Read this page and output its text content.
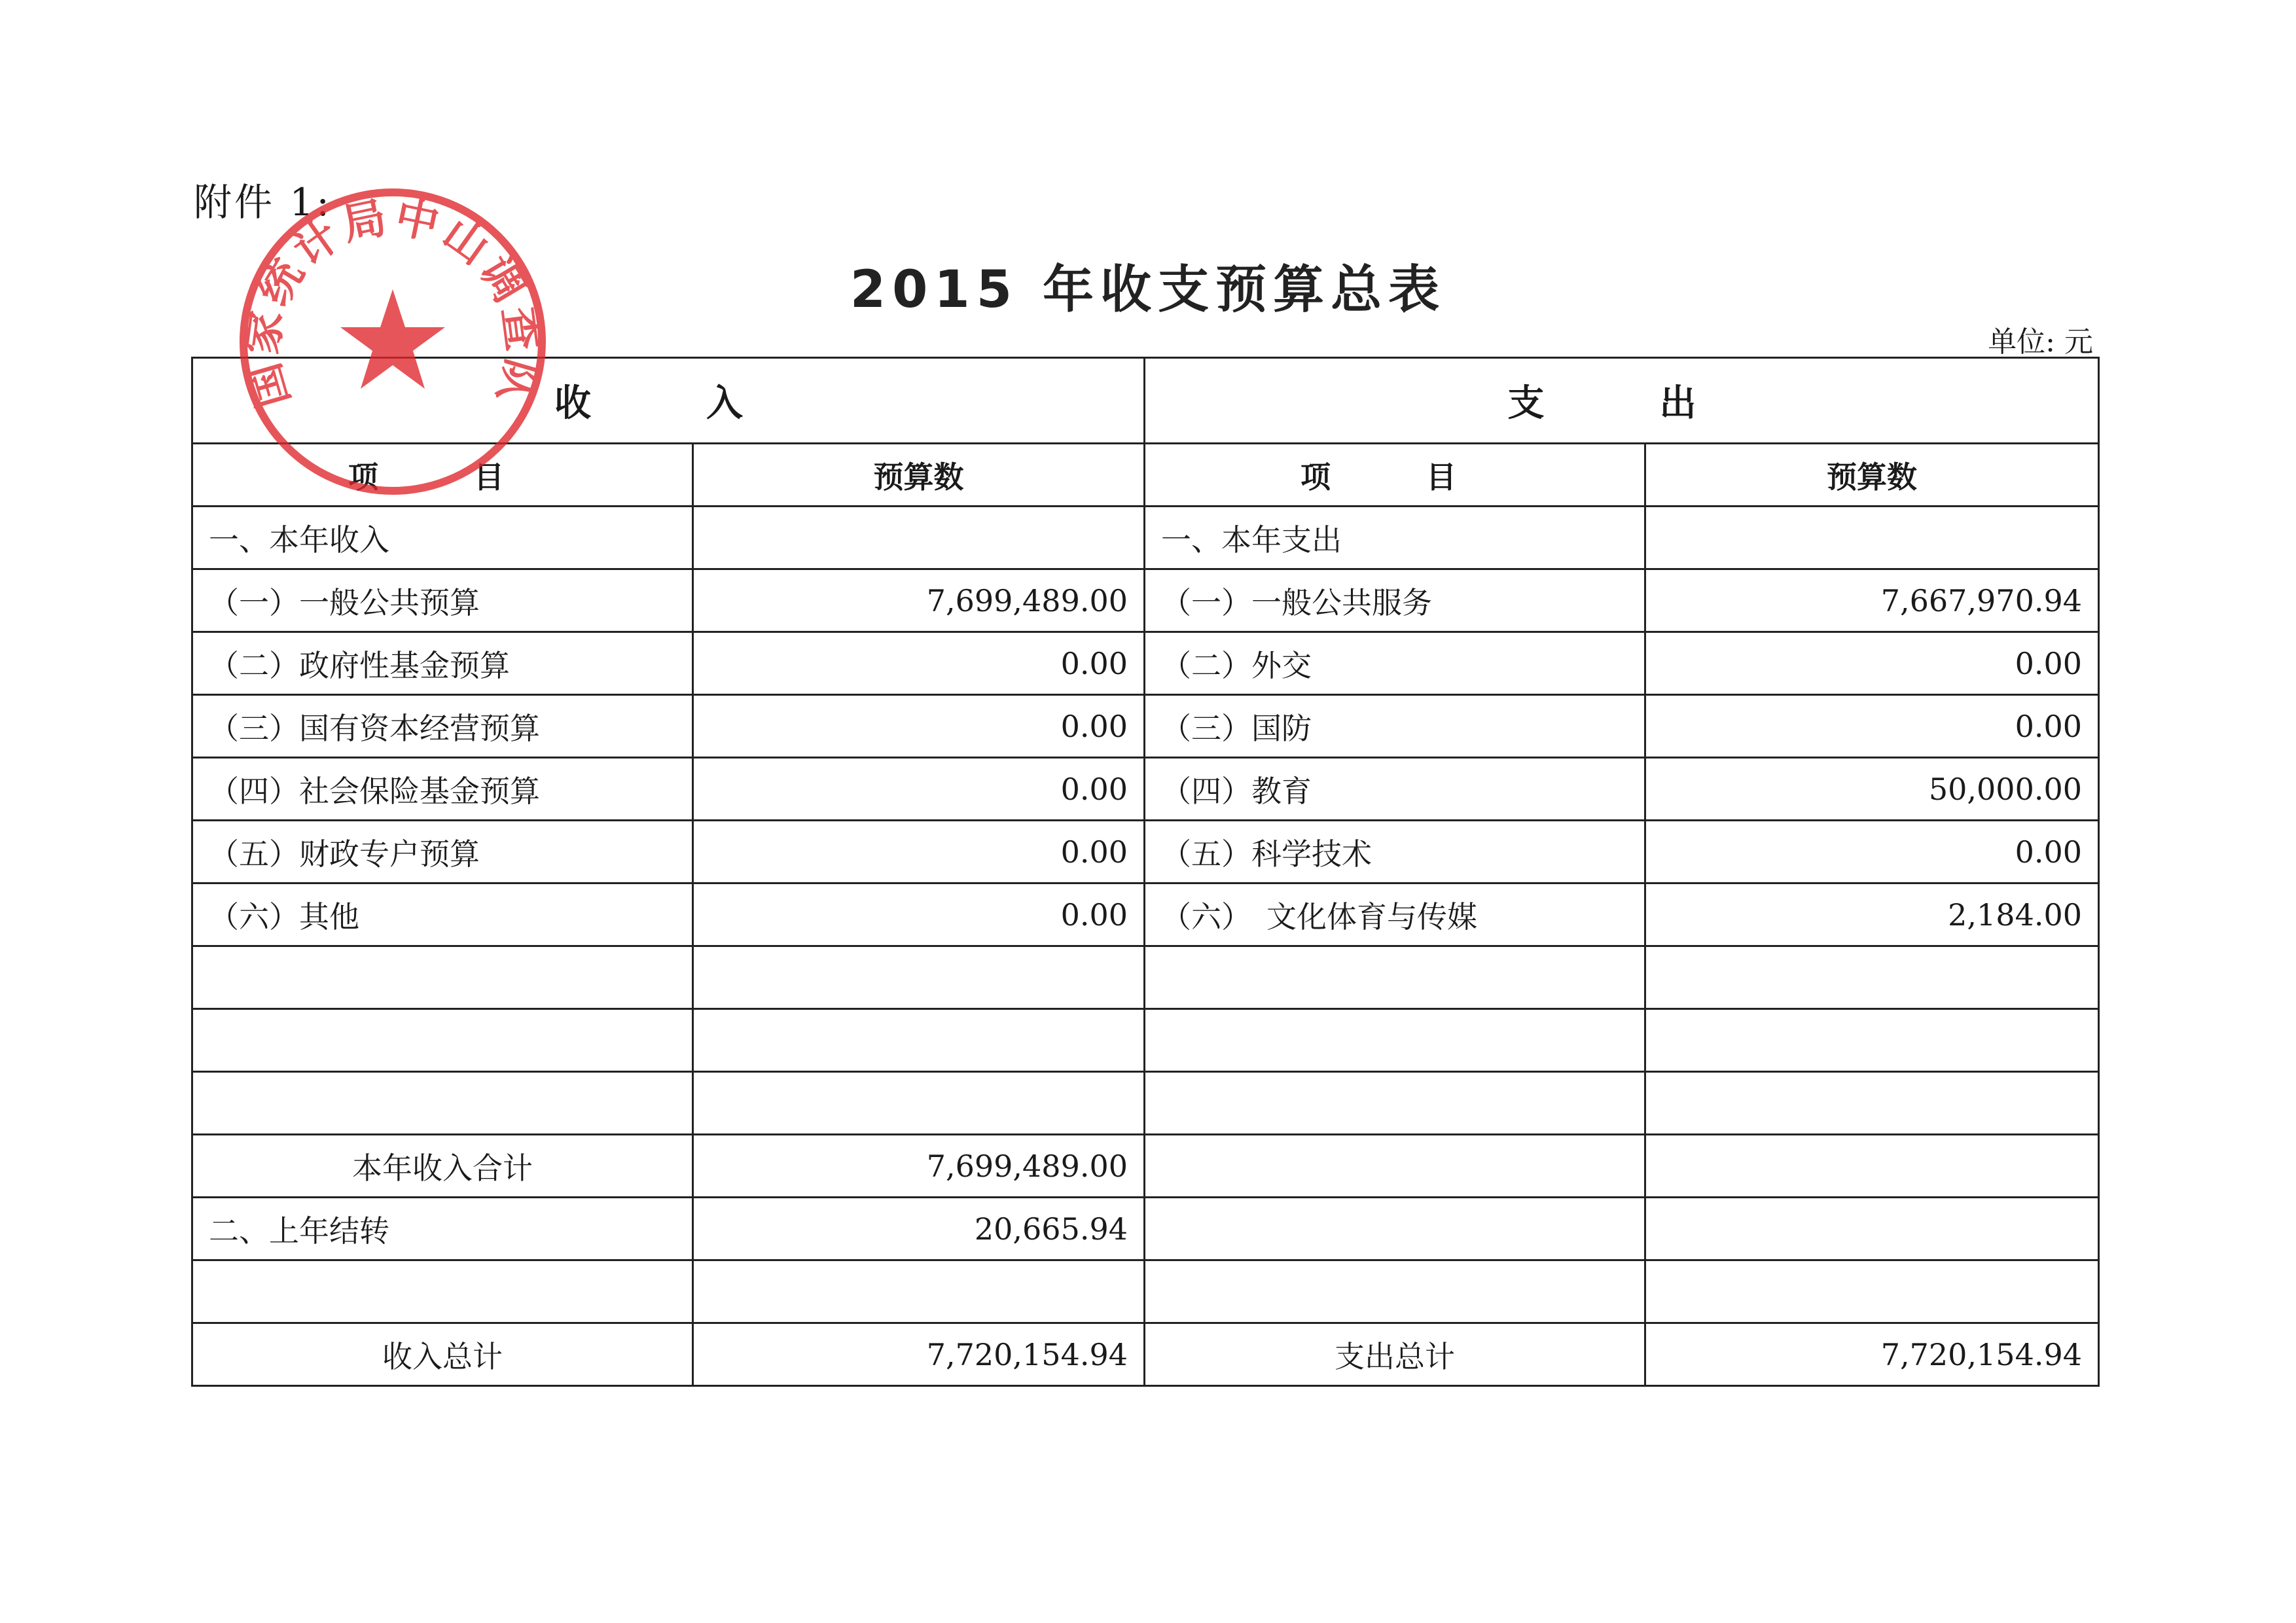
附件 1:
2015 年收支预算总表
单位: 元
收　入		支　出	
项　目	预算数	项　目	预算数
一、本年收入		一、本年支出	
（一）一般公共预算	7,699,489.00	（一）一般公共服务	7,667,970.94
（二）政府性基金预算	0.00	（二）外交	0.00
（三）国有资本经营预算	0.00	（三）国防	0.00
（四）社会保险基金预算	0.00	（四）教育	50,000.00
（五）财政专户预算	0.00	（五）科学技术	0.00
（六）其他	0.00	（六）　文化体育与传媒	2,184.00

本年收入合计	7,699,489.00		
二、上年结转	20,665.94		

收入总计	7,720,154.94	支出总计	7,720,154.94
国家统计局中山调查队
